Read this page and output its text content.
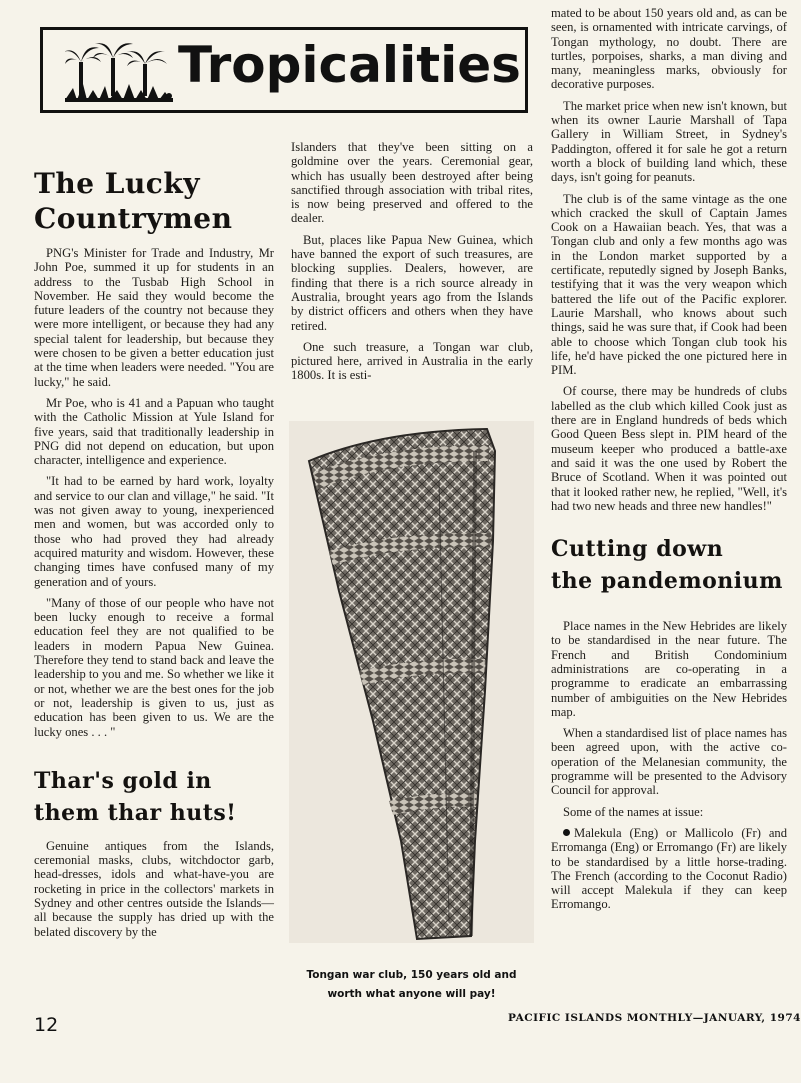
Tropicalities
The Lucky
Countrymen

PNG's Minister for Trade and Industry, Mr John Poe, summed it up for students in an address to the Tusbab High School in November. He said they would become the future leaders of the country not because they were more intelligent, or because they had any special talent for leadership, but because they were chosen to be given a better education just at the time when leaders were needed. "You are lucky," he said.

Mr Poe, who is 41 and a Papuan who taught with the Catholic Mission at Yule Island for five years, said that traditionally leadership in PNG did not depend on education, but upon character, intelligence and experience.

"It had to be earned by hard work, loyalty and service to our clan and village," he said. "It was not given away to young, inexperienced men and women, but was accorded only to those who had proved they had already acquired maturity and wisdom. However, these changing times have confused many of my generation and of yours.

"Many of those of our people who have not been lucky enough to receive a formal education feel they are not qualified to be leaders in modern Papua New Guinea. Therefore they tend to stand back and leave the leadership to you and me. So whether we like it or not, whether we are the best ones for the job or not, leadership is given to us, just as education has been given to us. We are the lucky ones . . . "

Thar's gold in
them thar huts!

Genuine antiques from the Islands, ceremonial masks, clubs, witchdoctor garb, head-dresses, idols and what-have-you are rocketing in price in the collectors' markets in Sydney and other centres outside the Islands— all because the supply has dried up with the belated discovery by the

Islanders that they've been sitting on a goldmine over the years. Ceremonial gear, which has usually been destroyed after being sanctified through association with tribal rites, is now being preserved and offered to the dealer.

But, places like Papua New Guinea, which have banned the export of such treasures, are blocking supplies. Dealers, however, are finding that there is a rich source already in Australia, brought years ago from the Islands by district officers and others when they have retired.

One such treasure, a Tongan war club, pictured here, arrived in Australia in the early 1800s. It is esti-

Tongan war club, 150 years old and worth what anyone will pay!

mated to be about 150 years old and, as can be seen, is ornamented with intricate carvings, of Tongan mythology, no doubt. There are turtles, porpoises, sharks, a man diving and many, meaningless marks, obviously for decorative purposes.

The market price when new isn't known, but when its owner Laurie Marshall of Tapa Gallery in William Street, in Sydney's Paddington, offered it for sale he got a return worth a block of building land which, these days, isn't going for peanuts.

The club is of the same vintage as the one which cracked the skull of Captain James Cook on a Hawaiian beach. Yes, that was a Tongan club and only a few months ago was in the London market supported by a certificate, reputedly signed by Joseph Banks, testifying that it was the very weapon which battered the life out of the Pacific explorer. Laurie Marshall, who knows about such things, said he was sure that, if Cook had been able to choose which Tongan club took his life, he'd have picked the one pictured here in PIM.

Of course, there may be hundreds of clubs labelled as the club which killed Cook just as there are in England hundreds of beds which Good Queen Bess slept in. PIM heard of the museum keeper who produced a battle-axe and said it was the one used by Robert the Bruce of Scotland. When it was pointed out that it looked rather new, he replied, "Well, it's had two new heads and three new handles!"

Cutting down
the pandemonium

Place names in the New Hebrides are likely to be standardised in the near future. The French and British Condominium administrations are co-operating in a programme to eradicate an embarrassing number of ambiguities on the New Hebrides map.

When a standardised list of place names has been agreed upon, with the active co-operation of the Melanesian community, the programme will be presented to the Advisory Council for approval.

Some of the names at issue:

Malekula (Eng) or Mallicolo (Fr) and Erromanga (Eng) or Erromango (Fr) are likely to be standardised by a little horse-trading. The French (according to the Coconut Radio) will accept Malekula if they can keep Erromango.

12	PACIFIC ISLANDS MONTHLY—JANUARY, 1974
